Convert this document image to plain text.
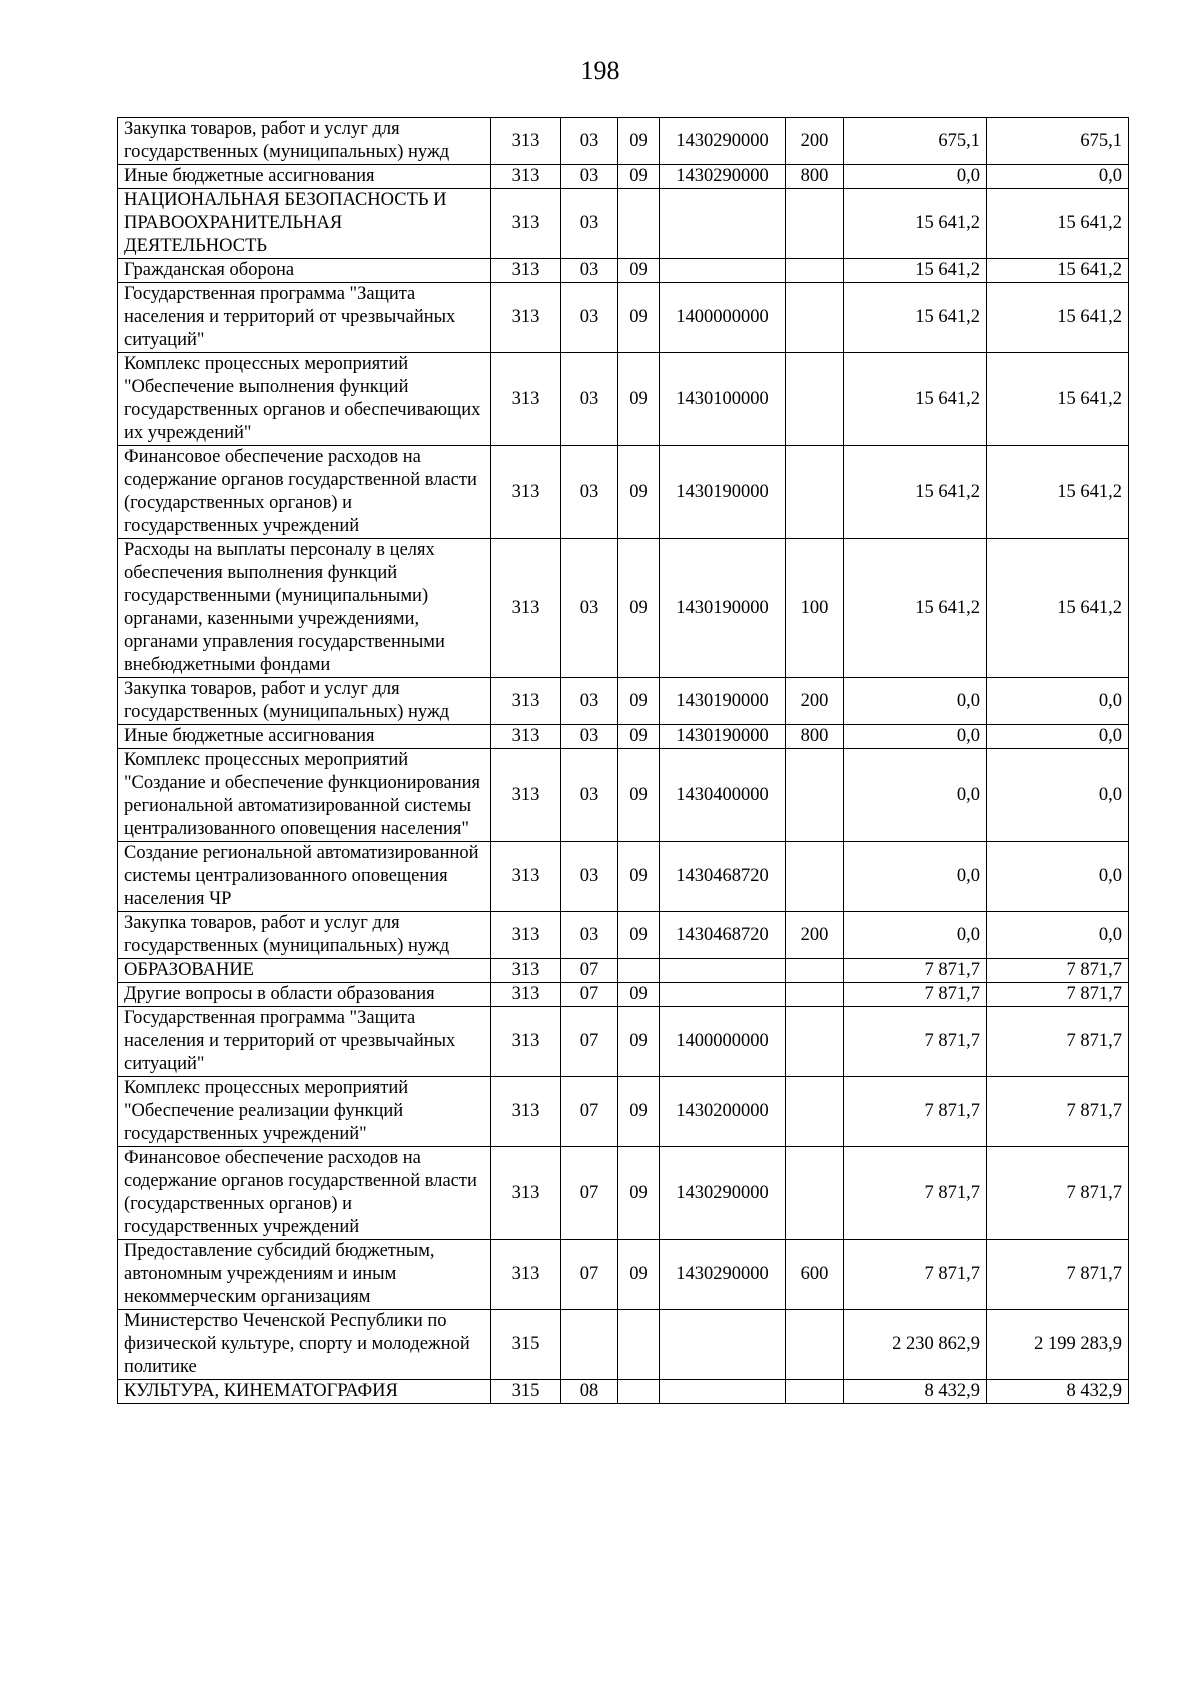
198
Закупка товаров, работ и услуг для государственных (муниципальных) нужд	313	03	09	1430290000	200	675,1	675,1
Иные бюджетные ассигнования	313	03	09	1430290000	800	0,0	0,0
НАЦИОНАЛЬНАЯ БЕЗОПАСНОСТЬ И ПРАВООХРАНИТЕЛЬНАЯ ДЕЯТЕЛЬНОСТЬ	313	03				15 641,2	15 641,2
Гражданская оборона	313	03	09			15 641,2	15 641,2
Государственная программа "Защита населения и территорий от чрезвычайных ситуаций"	313	03	09	1400000000		15 641,2	15 641,2
Комплекс процессных мероприятий "Обеспечение выполнения функций государственных органов и обеспечивающих их учреждений"	313	03	09	1430100000		15 641,2	15 641,2
Финансовое обеспечение расходов на содержание органов государственной власти (государственных органов) и государственных учреждений	313	03	09	1430190000		15 641,2	15 641,2
Расходы на выплаты персоналу в целях обеспечения выполнения функций государственными (муниципальными) органами, казенными учреждениями, органами управления государственными внебюджетными фондами	313	03	09	1430190000	100	15 641,2	15 641,2
Закупка товаров, работ и услуг для государственных (муниципальных) нужд	313	03	09	1430190000	200	0,0	0,0
Иные бюджетные ассигнования	313	03	09	1430190000	800	0,0	0,0
Комплекс процессных мероприятий "Создание и обеспечение функционирования региональной автоматизированной системы централизованного оповещения населения"	313	03	09	1430400000		0,0	0,0
Создание региональной автоматизированной системы централизованного оповещения населения ЧР	313	03	09	1430468720		0,0	0,0
Закупка товаров, работ и услуг для государственных (муниципальных) нужд	313	03	09	1430468720	200	0,0	0,0
ОБРАЗОВАНИЕ	313	07				7 871,7	7 871,7
Другие вопросы в области образования	313	07	09			7 871,7	7 871,7
Государственная программа "Защита населения и территорий от чрезвычайных ситуаций"	313	07	09	1400000000		7 871,7	7 871,7
Комплекс процессных мероприятий "Обеспечение реализации функций государственных учреждений"	313	07	09	1430200000		7 871,7	7 871,7
Финансовое обеспечение расходов на содержание органов государственной власти (государственных органов) и государственных учреждений	313	07	09	1430290000		7 871,7	7 871,7
Предоставление субсидий бюджетным, автономным учреждениям и иным некоммерческим организациям	313	07	09	1430290000	600	7 871,7	7 871,7
Министерство Чеченской Республики по физической культуре, спорту и молодежной политике	315					2 230 862,9	2 199 283,9
КУЛЬТУРА, КИНЕМАТОГРАФИЯ	315	08				8 432,9	8 432,9
